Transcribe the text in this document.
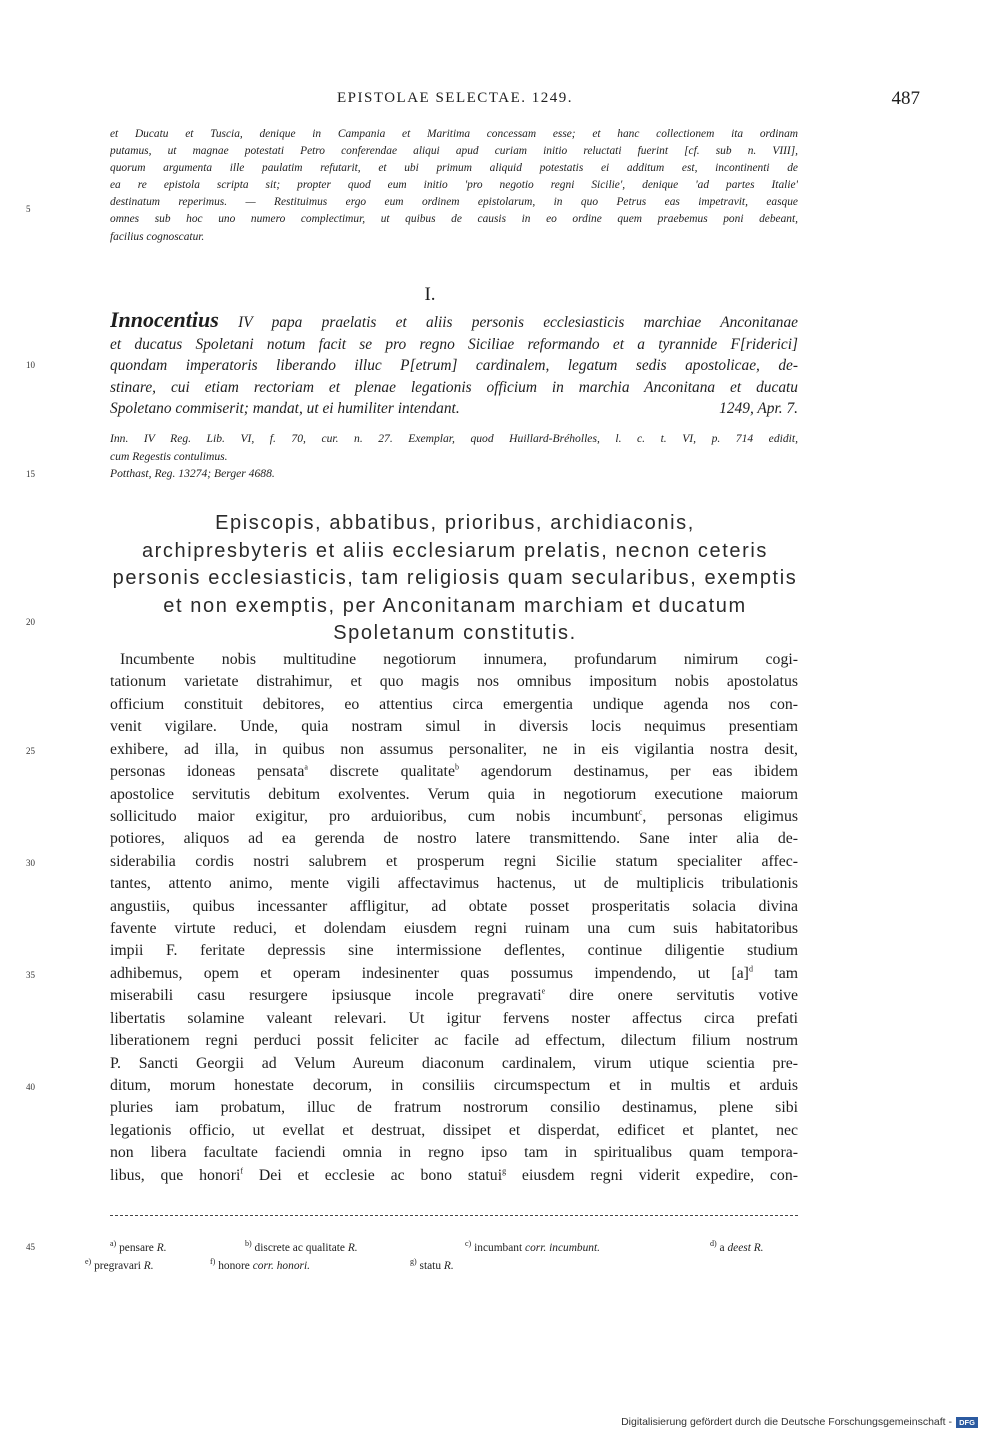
EPISTOLAE SELECTAE. 1249.	487
5
10
15
20
25
30
35
40
45
et Ducatu et Tuscia, denique in Campania et Maritima concessam esse; et hanc collectionem ita ordinam
putamus, ut magnae potestati Petro conferendae aliqui apud curiam initio reluctati fuerint [cf. sub n. VIII],
quorum argumenta ille paulatim refutarit, et ubi primum aliquid potestatis ei additum est, incontinenti de
ea re epistola scripta sit; propter quod eum initio 'pro negotio regni Sicilie', denique 'ad partes Italie'
destinatum reperimus. — Restituimus ergo eum ordinem epistolarum, in quo Petrus eas impetravit, easque
omnes sub hoc uno numero complectimur, ut quibus de causis in eo ordine quem praebemus poni debeant,
facilius cognoscatur.
I.
Innocentius IV papa praelatis et aliis personis ecclesiasticis marchiae Anconitanae
et ducatus Spoletani notum facit se pro regno Siciliae reformando et a tyrannide F[riderici]
quondam imperatoris liberando illuc P[etrum] cardinalem, legatum sedis apostolicae, de-
stinare, cui etiam rectoriam et plenae legationis officium in marchia Anconitana et ducatu
Spoletano commiserit; mandat, ut ei humiliter intendant.	1249, Apr. 7.
Inn. IV Reg. Lib. VI, f. 70, cur. n. 27. Exemplar, quod Huillard-Bréholles, l. c. t. VI, p. 714 edidit,
cum Regestis contulimus.
Potthast, Reg. 13274; Berger 4688.
Episcopis, abbatibus, prioribus, archidiaconis,
archipresbyteris et aliis ecclesiarum prelatis, necnon ceteris
personis ecclesiasticis, tam religiosis quam secularibus, exemptis
et non exemptis, per Anconitanam marchiam et ducatum
Spoletanum constitutis.
Incumbente nobis multitudine negotiorum innumera, profundarum nimirum cogi-
tationum varietate distrahimur, et quo magis nos omnibus impositum nobis apostolatus
officium constituit debitores, eo attentius circa emergentia undique agenda nos con-
venit vigilare. Unde, quia nostram simul in diversis locis nequimus presentiam
exhibere, ad illa, in quibus non assumus personaliter, ne in eis vigilantia nostra desit,
personas idoneas pensata$^a$ discrete qualitate$^b$ agendorum destinamus, per eas ibidem
apostolice servitutis debitum exolventes. Verum quia in negotiorum executione maiorum
sollicitudo maior exigitur, pro arduioribus, cum nobis incumbunt$^c$, personas eligimus
potiores, aliquos ad ea gerenda de nostro latere transmittendo. Sane inter alia de-
siderabilia cordis nostri salubrem et prosperum regni Sicilie statum specialiter affec-
tantes, attento animo, mente vigili affectavimus hactenus, ut de multiplicis tribulationis
angustiis, quibus incessanter affligitur, ad obtate posset prosperitatis solacia divina
favente virtute reduci, et dolendam eiusdem regni ruinam una cum suis habitatoribus
impii F. feritate depressis sine intermissione deflentes, continue diligentie studium
adhibemus, opem et operam indesinenter quas possumus impendendo, ut $[a]^d$ tam
miserabili casu resurgere ipsiusque incole pregravati$^e$ dire onere servitutis votive
libertatis solamine valeant relevari. Ut igitur fervens noster affectus circa prefati
liberationem regni perduci possit feliciter ac facile ad effectum, dilectum filium nostrum
P. Sancti Georgii ad Velum Aureum diaconum cardinalem, virum utique scientia pre-
ditum, morum honestate decorum, in consiliis circumspectum et in multis et arduis
pluries iam probatum, illuc de fratrum nostrorum consilio destinamus, plene sibi
legationis officio, ut evellat et destruat, dissipet et disperdat, edificet et plantet, nec
non libera facultate faciendi omnia in regno ipso tam in spiritualibus quam tempora-
libus, que honori$^f$ Dei et ecclesie ac bono statui$^g$ eiusdem regni viderit expedire, con-
$^{a)}$ pensare R.	$^{b)}$ discrete ac qualitate R.	$^{c)}$ incumbant corr. incumbunt.	$^{d)}$ a deest R.
$^{e)}$ pregravari R.	$^{f)}$ honore corr. honori.	$^{g)}$ statu R.
Digitalisierung gefördert durch die Deutsche Forschungsgemeinschaft - DFG
